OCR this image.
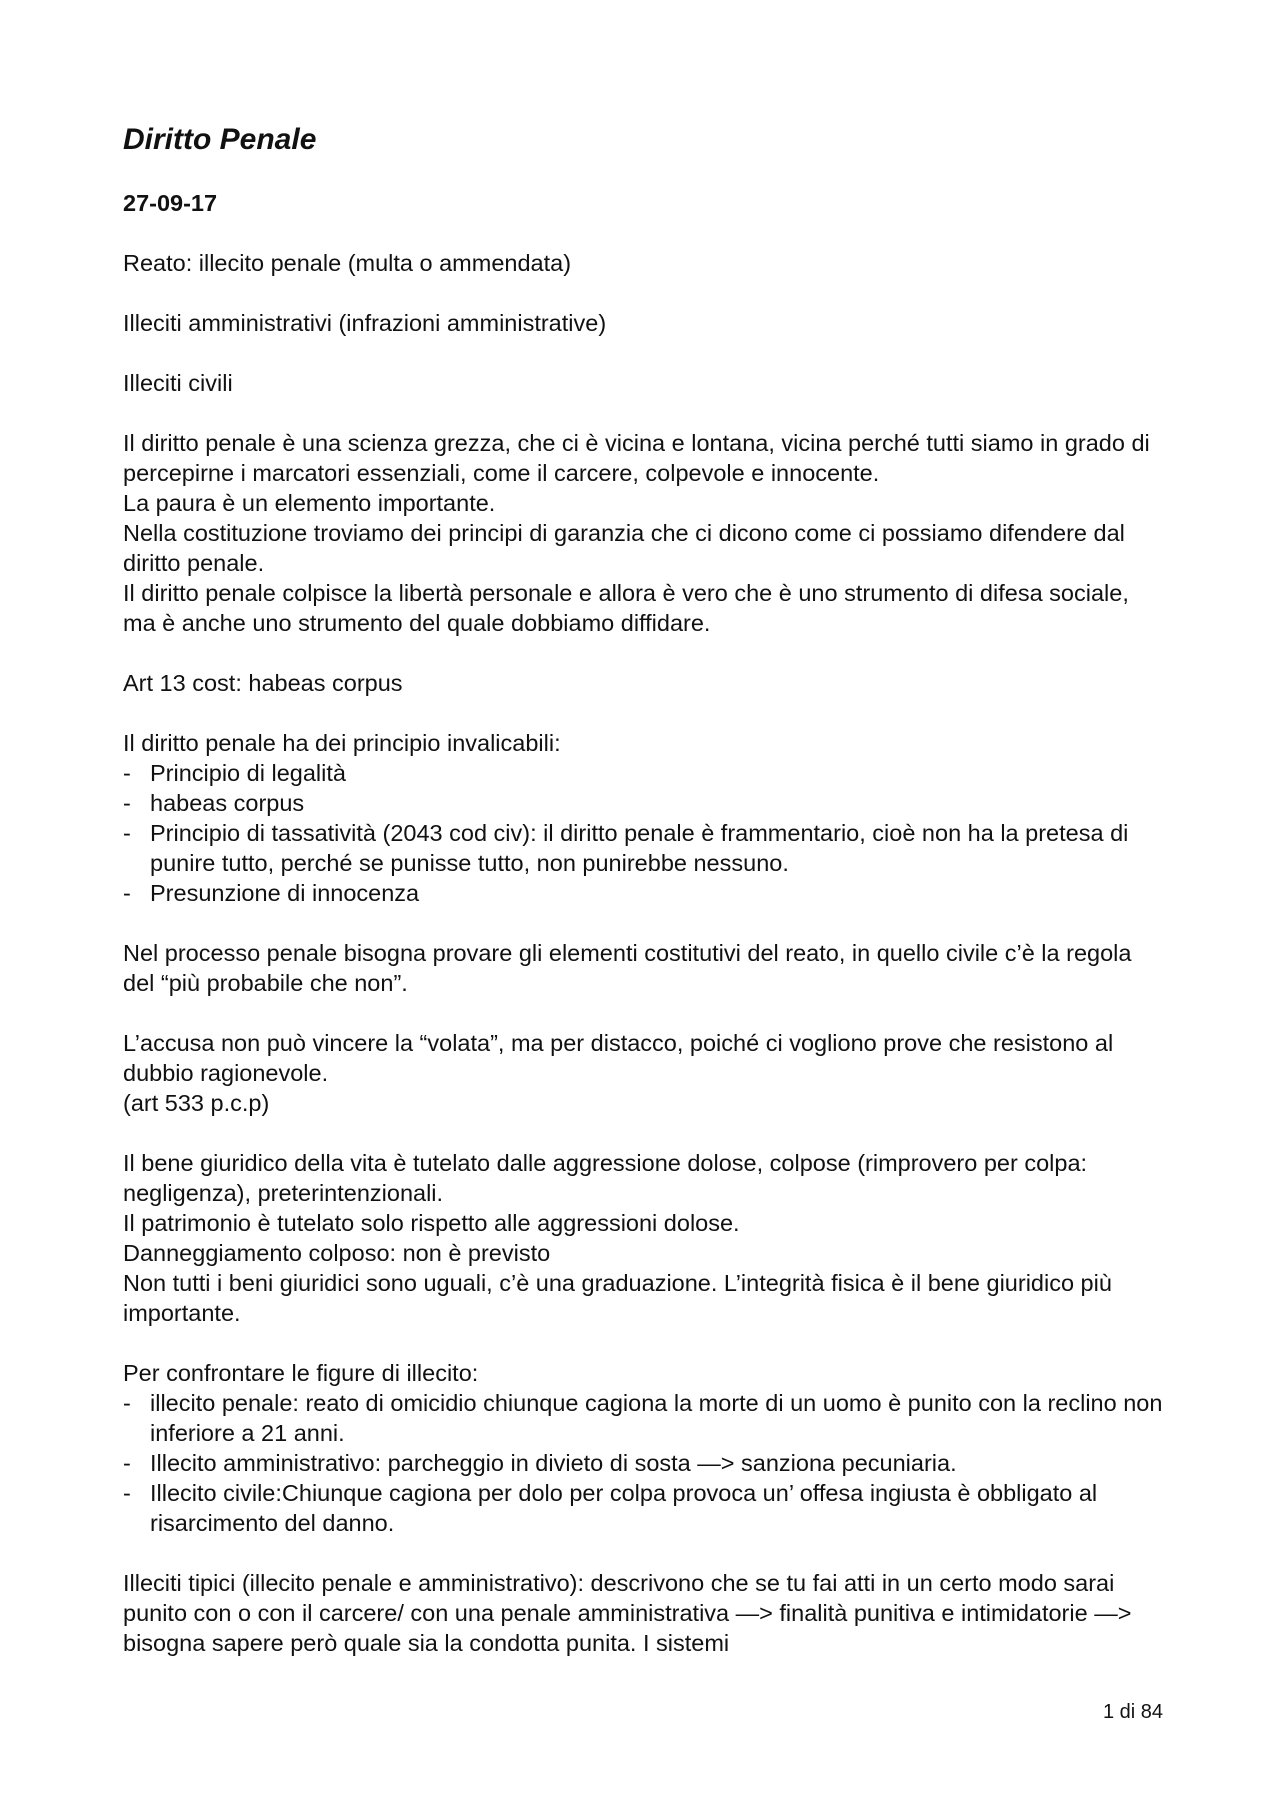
Diritto Penale
27-09-17

Reato: illecito penale (multa o ammendata)

Illeciti amministrativi (infrazioni amministrative)

Illeciti civili

Il diritto penale è una scienza grezza, che ci è vicina e lontana, vicina perché tutti siamo in grado di percepirne i marcatori essenziali, come il carcere, colpevole e innocente.
La paura è un elemento importante.
Nella costituzione troviamo dei principi di garanzia che ci dicono come ci possiamo difendere dal diritto penale.
Il diritto penale colpisce la libertà personale e allora è vero che è uno strumento di difesa sociale, ma è anche uno strumento del quale dobbiamo diffidare.

Art 13 cost: habeas corpus

Il diritto penale ha dei principio invalicabili:
- Principio di legalità
- habeas corpus
- Principio di tassatività (2043 cod civ): il diritto penale è frammentario, cioè non ha la pretesa di punire tutto, perché se punisse tutto, non punirebbe nessuno.
- Presunzione di innocenza

Nel processo penale bisogna provare gli elementi costitutivi del reato, in quello civile c’è la regola del “più probabile che non”.

L’accusa non può vincere la “volata”, ma per distacco, poiché ci vogliono prove che resistono al dubbio ragionevole.
(art 533 p.c.p)

Il bene giuridico della vita è tutelato dalle aggressione dolose, colpose (rimprovero per colpa: negligenza), preterintenzionali.
Il patrimonio è tutelato solo rispetto alle aggressioni dolose.
Danneggiamento colposo: non è previsto
Non tutti i beni giuridici sono uguali, c’è una graduazione. L’integrità fisica è il bene giuridico più importante.

Per confrontare le figure di illecito:
- illecito penale: reato di omicidio chiunque cagiona la morte di un uomo è punito con la reclino non inferiore a 21 anni.
- Illecito amministrativo: parcheggio in divieto di sosta —> sanziona pecuniaria.
- Illecito civile:Chiunque cagiona per dolo per colpa provoca un’ offesa ingiusta è obbligato al risarcimento del danno.
Illeciti tipici (illecito penale e amministrativo): descrivono che se tu fai atti in un certo modo sarai punito con o con il carcere/ con una penale amministrativa —> finalità punitiva e intimidatorie —> bisogna sapere però quale sia la condotta punita. I sistemi
1 di 84
